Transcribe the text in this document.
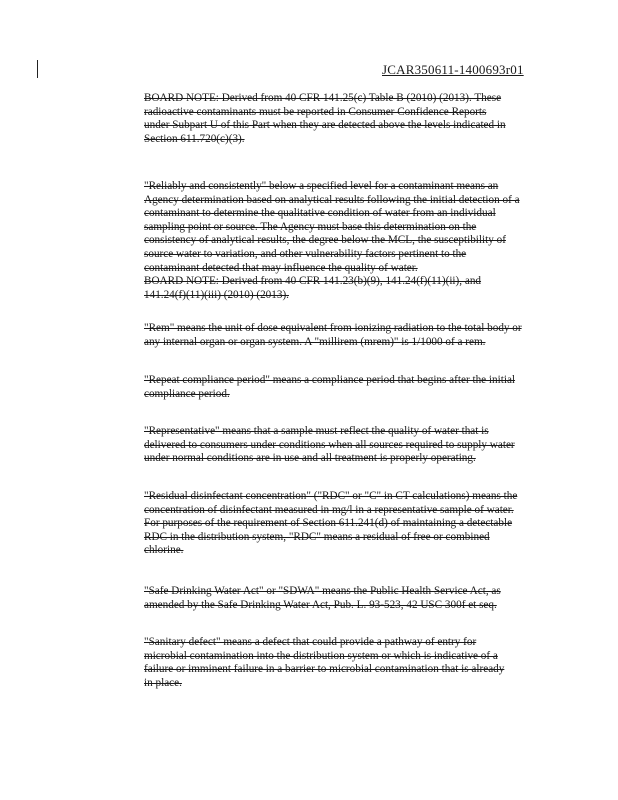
JCAR350611-1400693r01
BOARD NOTE: Derived from 40 CFR 141.25(c) Table B (2010) (2013). These
radioactive contaminants must be reported in Consumer Confidence Reports
under Subpart U of this Part when they are detected above the levels indicated in
Section 611.720(c)(3).
"Reliably and consistently" below a specified level for a contaminant means an
Agency determination based on analytical results following the initial detection of a
contaminant to determine the qualitative condition of water from an individual
sampling point or source. The Agency must base this determination on the
consistency of analytical results, the degree below the MCL, the susceptibility of
source water to variation, and other vulnerability factors pertinent to the
contaminant detected that may influence the quality of water.
BOARD NOTE: Derived from 40 CFR 141.23(b)(9), 141.24(f)(11)(ii), and
141.24(f)(11)(iii) (2010) (2013).
"Rem" means the unit of dose equivalent from ionizing radiation to the total body or
any internal organ or organ system. A "millirem (mrem)" is 1/1000 of a rem.
"Repeat compliance period" means a compliance period that begins after the initial
compliance period.
"Representative" means that a sample must reflect the quality of water that is
delivered to consumers under conditions when all sources required to supply water
under normal conditions are in use and all treatment is properly operating.
"Residual disinfectant concentration" ("RDC" or "C" in CT calculations) means the
concentration of disinfectant measured in mg/l in a representative sample of water.
For purposes of the requirement of Section 611.241(d) of maintaining a detectable
RDC in the distribution system, "RDC" means a residual of free or combined
chlorine.
"Safe Drinking Water Act" or "SDWA" means the Public Health Service Act, as
amended by the Safe Drinking Water Act, Pub. L. 93-523, 42 USC 300f et seq.
"Sanitary defect" means a defect that could provide a pathway of entry for
microbial contamination into the distribution system or which is indicative of a
failure or imminent failure in a barrier to microbial contamination that is already
in place.
